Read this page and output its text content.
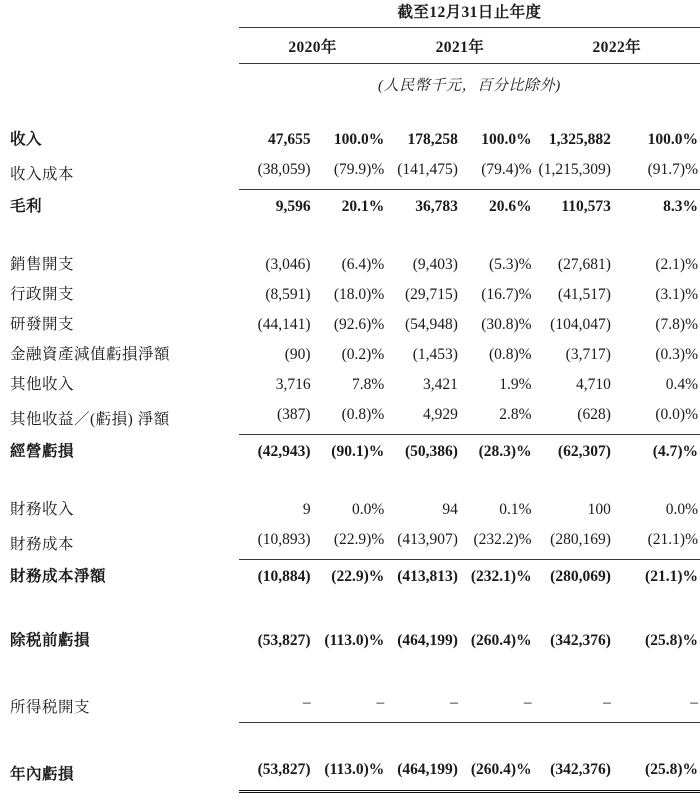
	截至12月31日止年度					

	2020年		2021年		2022年	
	(人民幣千元，百分比除外)					

收入	47,655	100.0%	178,258	100.0%	1,325,882	100.0%
收入成本	(38,059)	(79.9)%	(141,475)	(79.4)%	(1,215,309)	(91.7)%
毛利	9,596	20.1%	36,783	20.6%	110,573	8.3%

銷售開支	(3,046)	(6.4)%	(9,403)	(5.3)%	(27,681)	(2.1)%
行政開支	(8,591)	(18.0)%	(29,715)	(16.7)%	(41,517)	(3.1)%
研發開支	(44,141)	(92.6)%	(54,948)	(30.8)%	(104,047)	(7.8)%
金融資產減值虧損淨額	(90)	(0.2)%	(1,453)	(0.8)%	(3,717)	(0.3)%
其他收入	3,716	7.8%	3,421	1.9%	4,710	0.4%
其他收益／(虧損) 淨額	(387)	(0.8)%	4,929	2.8%	(628)	(0.0)%
經營虧損	(42,943)	(90.1)%	(50,386)	(28.3)%	(62,307)	(4.7)%

財務收入	9	0.0%	94	0.1%	100	0.0%
財務成本	(10,893)	(22.9)%	(413,907)	(232.2)%	(280,169)	(21.1)%
財務成本淨額	(10,884)	(22.9)%	(413,813)	(232.1)%	(280,069)	(21.1)%

除税前虧損	(53,827)	(113.0)%	(464,199)	(260.4)%	(342,376)	(25.8)%

所得税開支	–	–	–	–	–	–

年內虧損	(53,827)	(113.0)%	(464,199)	(260.4)%	(342,376)	(25.8)%
